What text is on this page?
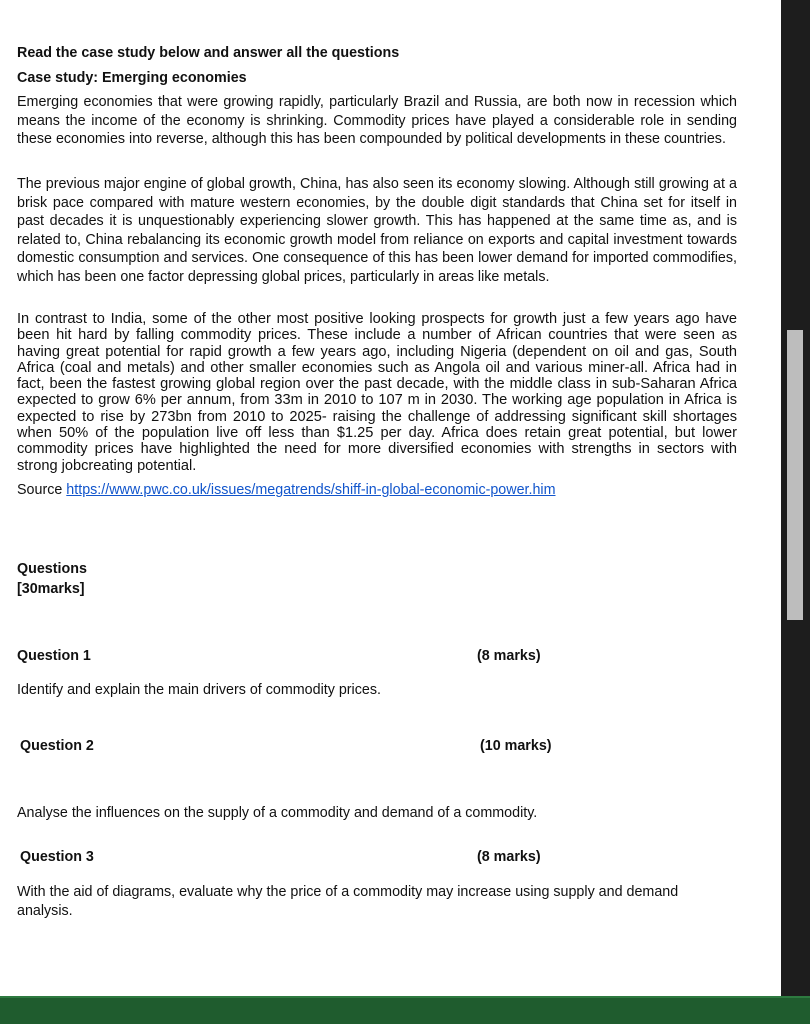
Read the case study below and answer all the questions

Case study: Emerging economies

Emerging economies that were growing rapidly, particularly Brazil and Russia, are both now in recession which means the income of the economy is shrinking. Commodity prices have played a considerable role in sending these economies into reverse, although this has been compounded by political developments in these countries.

The previous major engine of global growth, China, has also seen its economy slowing. Although still growing at a brisk pace compared with mature western economies, by the double digit standards that China set for itself in past decades it is unquestionably experiencing slower growth. This has happened at the same time as, and is related to, China rebalancing its economic growth model from reliance on exports and capital investment towards domestic consumption and services. One consequence of this has been lower demand for imported commodifies, which has been one factor depressing global prices, particularly in areas like metals.

In contrast to India, some of the other most positive looking prospects for growth just a few years ago have been hit hard by falling commodity prices. These include a number of African countries that were seen as having great potential for rapid growth a few years ago, including Nigeria (dependent on oil and gas, South Africa (coal and metals) and other smaller economies such as Angola oil and various miner-all. Africa had in fact, been the fastest growing global region over the past decade, with the middle class in sub-Saharan Africa expected to grow 6% per annum, from 33m in 2010 to 107 m in 2030. The working age population in Africa is expected to rise by 273bn from 2010 to 2025- raising the challenge of addressing significant skill shortages when 50% of the population live off less than $1.25 per day. Africa does retain great potential, but lower commodity prices have highlighted the need for more diversified economies with strengths in sectors with strong jobcreating potential.

Source https://www.pwc.co.uk/issues/megatrends/shiff-in-global-economic-power.him

Questions

[30marks]

Question 1	(8 marks)

Identify and explain the main drivers of commodity prices.

Question 2	(10 marks)

Analyse the influences on the supply of a commodity and demand of a commodity.

Question 3	(8 marks)

With the aid of diagrams, evaluate why the price of a commodity may increase using supply and demand analysis.
